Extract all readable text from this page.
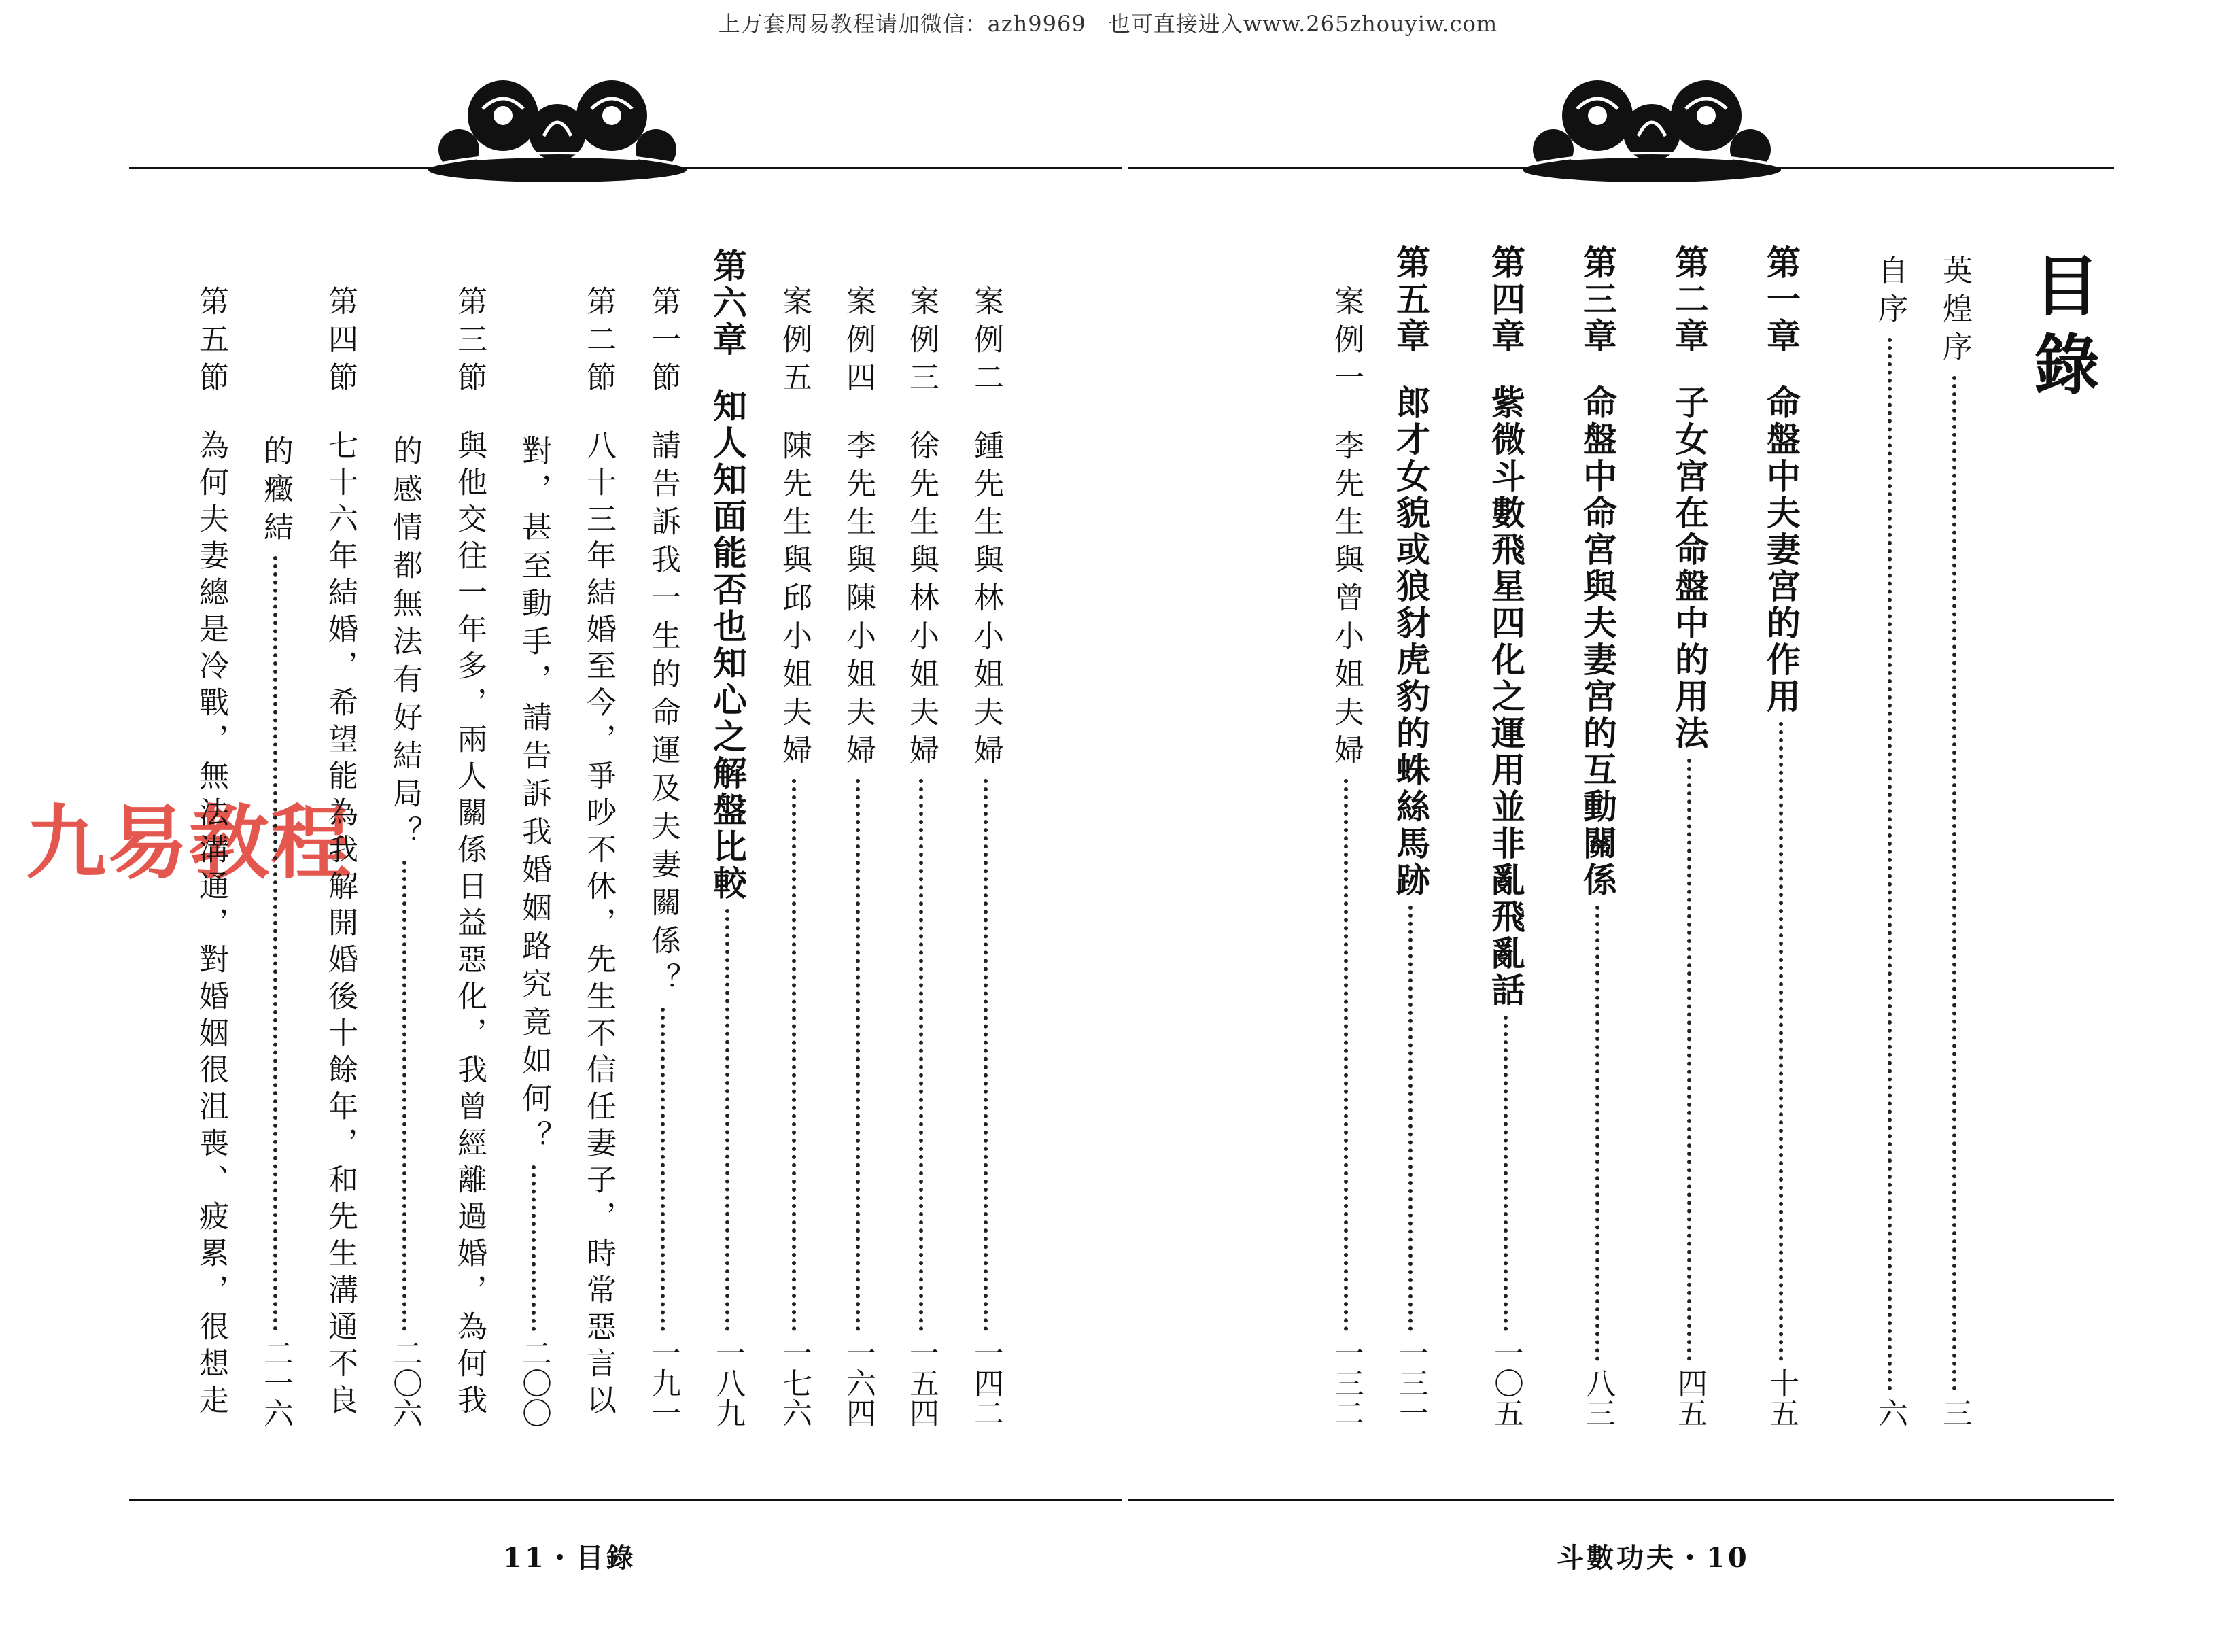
上万套周易教程请加微信：azh9969　也可直接进入www.265zhouyiw.com
九易教程
11・目錄
案例二
鍾先生與林小姐夫婦
一四二
案例三
徐先生與林小姐夫婦
一五四
案例四
李先生與陳小姐夫婦
一六四
案例五
陳先生與邱小姐夫婦
一七六
第六章
知人知面能否也知心之解盤比較
一八九
第一節
請告訴我一生的命運及夫妻關係？
一九一
第二節
八十三年結婚至今，爭吵不休，先生不信任妻子，時常惡言以
對，甚至動手，請告訴我婚姻路究竟如何？
二〇〇
第三節
與他交往一年多，兩人關係日益惡化，我曾經離過婚，為何我
的感情都無法有好結局？
二〇六
第四節
七十六年結婚，希望能為我解開婚後十餘年，和先生溝通不良
的癥結
二一六
第五節
為何夫妻總是冷戰，無法溝通，對婚姻很沮喪、疲累，很想走
斗數功夫・10
目錄
英煌序
三
自序
六
第一章
命盤中夫妻宮的作用
十五
第二章
子女宮在命盤中的用法
四五
第三章
命盤中命宮與夫妻宮的互動關係
八三
第四章
紫微斗數飛星四化之運用並非亂飛亂話
一〇五
第五章
郎才女貌或狼豺虎豹的蛛絲馬跡
一三一
案例一
李先生與曾小姐夫婦
一三二
